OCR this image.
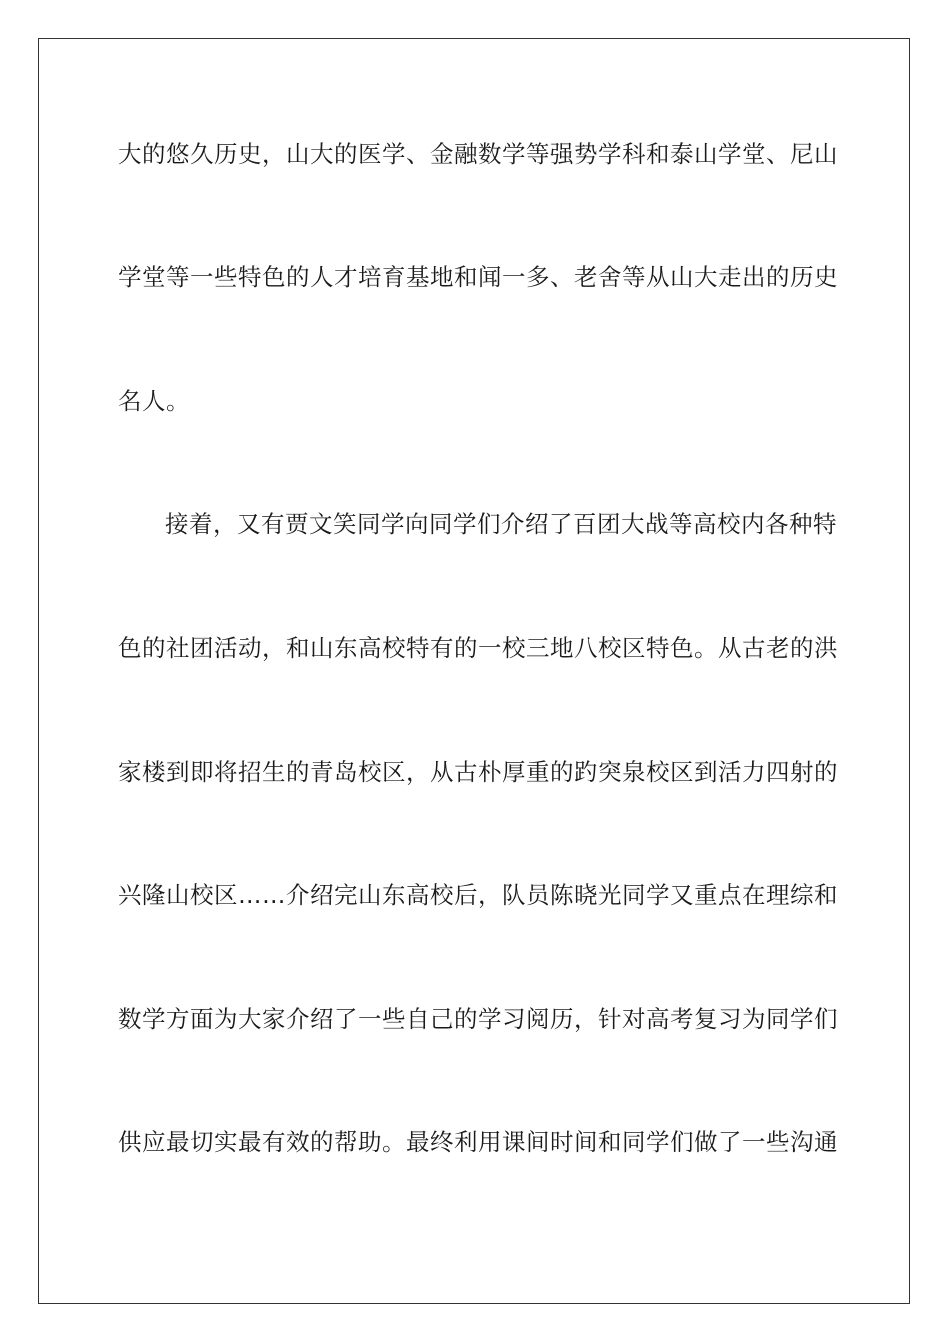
大的悠久历史，山大的医学、金融数学等强势学科和泰山学堂、尼山
学堂等一些特色的人才培育基地和闻一多、老舍等从山大走出的历史
名人。
接着，又有贾文笑同学向同学们介绍了百团大战等高校内各种特
色的社团活动，和山东高校特有的一校三地八校区特色。从古老的洪
家楼到即将招生的青岛校区，从古朴厚重的趵突泉校区到活力四射的
兴隆山校区……介绍完山东高校后，队员陈晓光同学又重点在理综和
数学方面为大家介绍了一些自己的学习阅历，针对高考复习为同学们
供应最切实最有效的帮助。最终利用课间时间和同学们做了一些沟通
